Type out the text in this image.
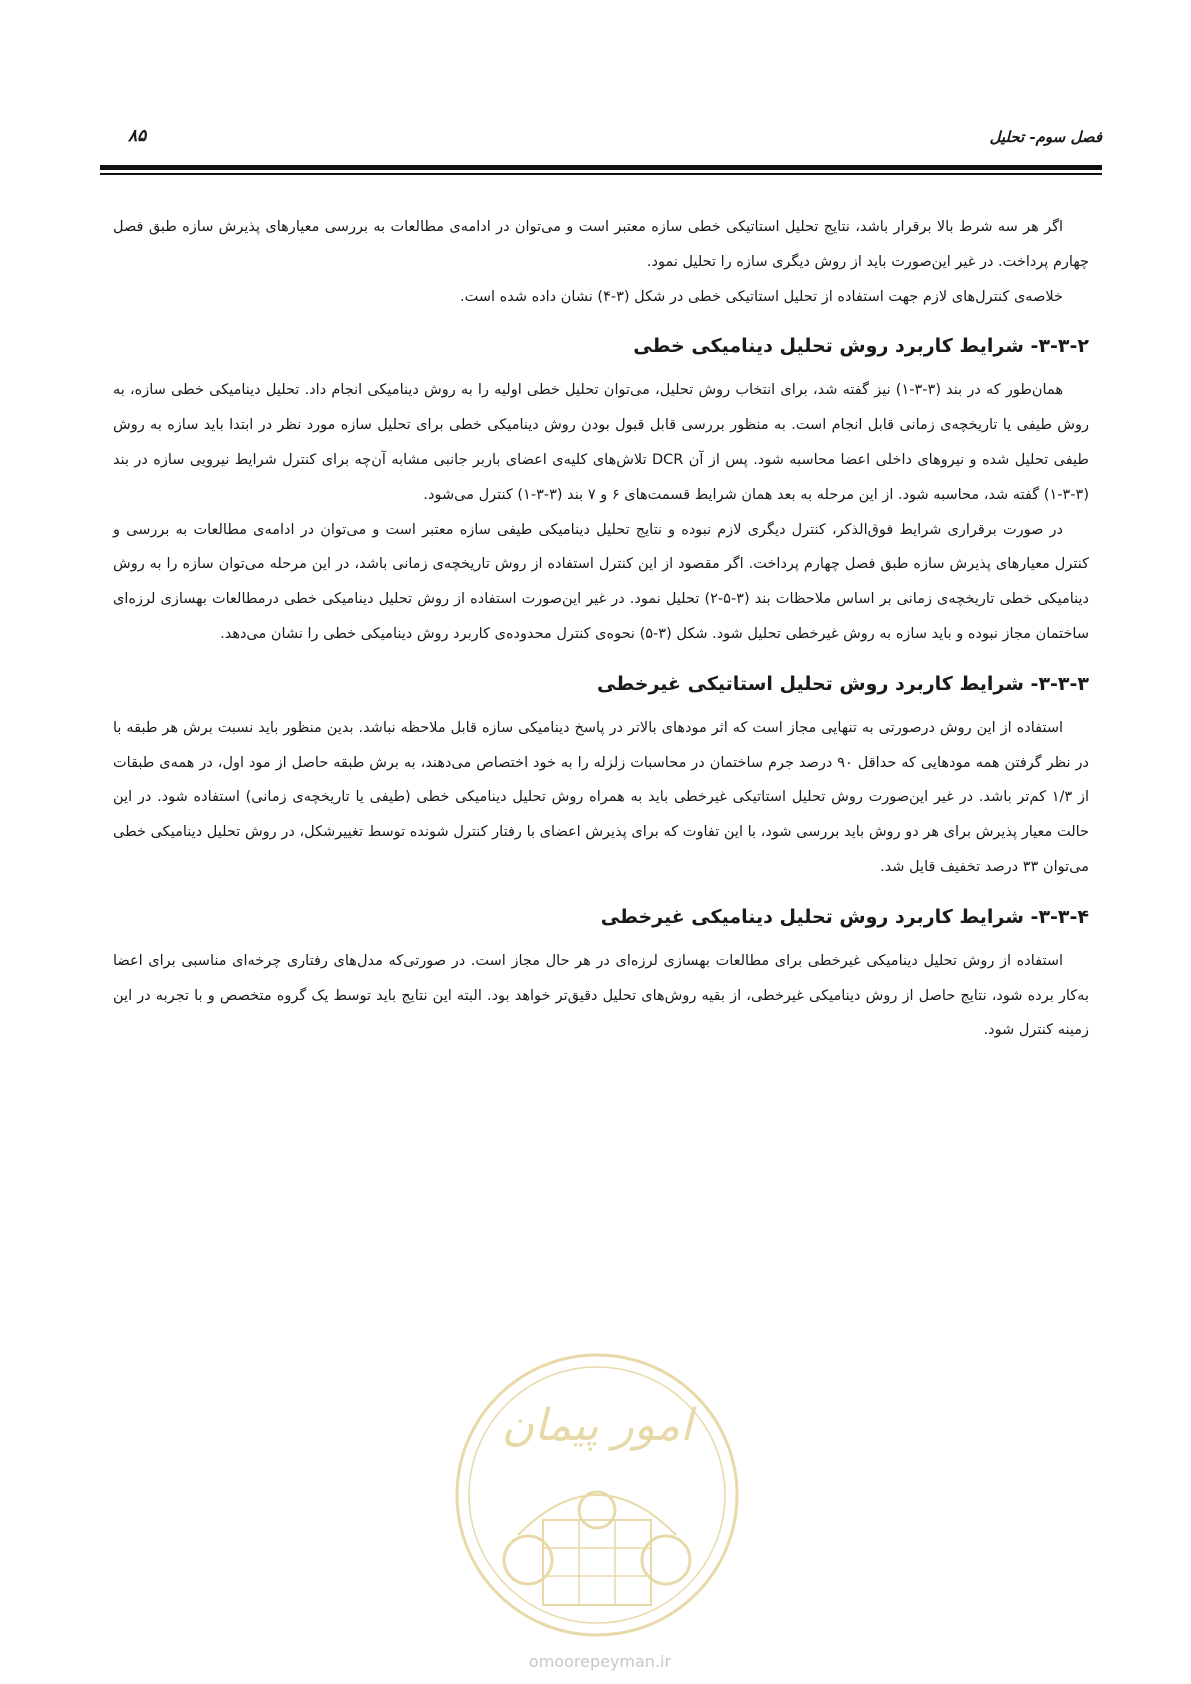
فصل سوم- تحلیل
۸۵

اگر هر سه شرط بالا برقرار باشد، نتایج تحلیل استاتیکی خطی سازه معتبر است و می‌توان در ادامه‌ی مطالعات به بررسی معیارهای پذیرش سازه طبق فصل چهارم پرداخت. در غیر این‌صورت باید از روش دیگری سازه را تحلیل نمود.

خلاصه‌ی کنترل‌های لازم جهت استفاده از تحلیل استاتیکی خطی در شکل (۳-۴) نشان داده شده است.

۳-۳-۲- شرایط کاربرد روش تحلیل دینامیکی خطی

همان‌طور که در بند (۳-۳-۱) نیز گفته شد، برای انتخاب روش تحلیل، می‌توان تحلیل خطی اولیه را به روش دینامیکی انجام داد. تحلیل دینامیکی خطی سازه، به روش طیفی یا تاریخچه‌ی زمانی قابل انجام است. به منظور بررسی قابل قبول بودن روش دینامیکی خطی برای تحلیل سازه مورد نظر در ابتدا باید سازه به روش طیفی تحلیل شده و نیروهای داخلی اعضا محاسبه شود. پس از آن DCR تلاش‌های کلیه‌ی اعضای باربر جانبی مشابه آن‌چه برای کنترل شرایط نیرویی سازه در بند (۳-۳-۱) گفته شد، محاسبه شود. از این مرحله به بعد همان شرایط قسمت‌های ۶ و ۷ بند (۳-۳-۱) کنترل می‌شود.

در صورت برقراری شرایط فوق‌الذکر، کنترل دیگری لازم نبوده و نتایج تحلیل دینامیکی طیفی سازه معتبر است و می‌توان در ادامه‌ی مطالعات به بررسی و کنترل معیارهای پذیرش سازه طبق فصل چهارم پرداخت. اگر مقصود از این کنترل استفاده از روش تاریخچه‌ی زمانی باشد، در این مرحله می‌توان سازه را به روش دینامیکی خطی تاریخچه‌ی زمانی بر اساس ملاحظات بند (۳-۵-۲) تحلیل نمود. در غیر این‌صورت استفاده از روش تحلیل دینامیکی خطی درمطالعات بهسازی لرزه‌ای ساختمان مجاز نبوده و باید سازه به روش غیرخطی تحلیل شود. شکل (۳-۵) نحوه‌ی کنترل محدوده‌ی کاربرد روش دینامیکی خطی را نشان می‌دهد.

۳-۳-۳- شرایط کاربرد روش تحلیل استاتیکی غیرخطی

استفاده از این روش درصورتی به تنهایی مجاز است که اثر مودهای بالاتر در پاسخ دینامیکی سازه قابل ملاحظه نباشد. بدین منظور باید نسبت برش هر طبقه با در نظر گرفتن همه مودهایی که حداقل ۹۰ درصد جرم ساختمان در محاسبات زلزله را به خود اختصاص می‌دهند، به برش طبقه حاصل از مود اول، در همه‌ی طبقات از ۱/۳ کم‌تر باشد. در غیر این‌صورت روش تحلیل استاتیکی غیرخطی باید به همراه روش تحلیل دینامیکی خطی (طیفی یا تاریخچه‌ی زمانی) استفاده شود. در این حالت معیار پذیرش برای هر دو روش باید بررسی شود، با این تفاوت که برای پذیرش اعضای با رفتار کنترل شونده توسط تغییرشکل، در روش تحلیل دینامیکی خطی می‌توان ۳۳ درصد تخفیف قایل شد.

۳-۳-۴- شرایط کاربرد روش تحلیل دینامیکی غیرخطی

استفاده از روش تحلیل دینامیکی غیرخطی برای مطالعات بهسازی لرزه‌ای در هر حال مجاز است. در صورتی‌که مدل‌های رفتاری چرخه‌ای مناسبی برای اعضا به‌کار برده شود، نتایج حاصل از روش دینامیکی غیرخطی، از بقیه روش‌های تحلیل دقیق‌تر خواهد بود. البته این نتایج باید توسط یک گروه متخصص و با تجربه در این زمینه کنترل شود.

امور پیمان
omoorepeyman.ir
